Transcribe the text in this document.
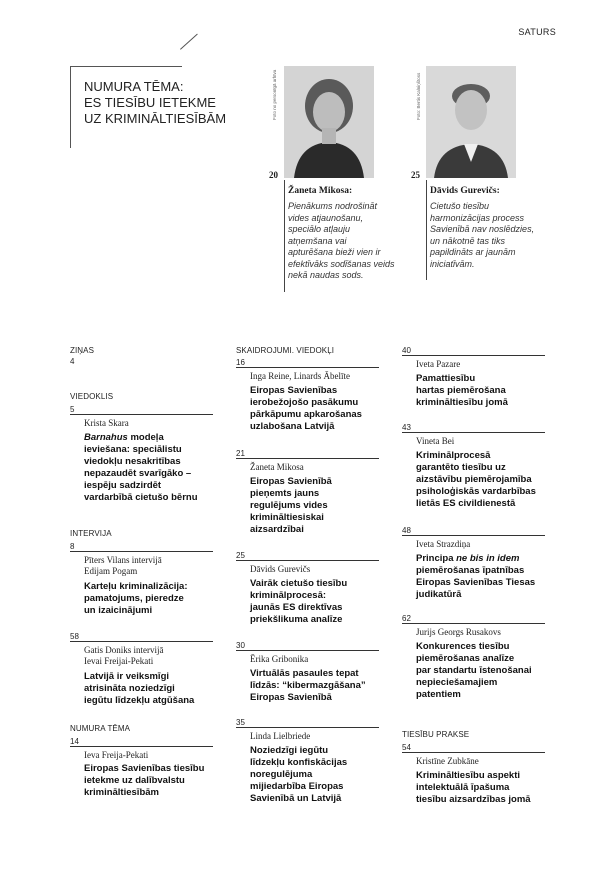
SATURS
NUMURA TĒMA:
ES TIESĪBU IETEKME
UZ KRIMINĀLTIESĪBĀM	Foto no personīgā arhīva
20
Žaneta Mikosa:
Pienākums nodrošināt
vides atjaunošanu,
speciālo atļauju
atņemšana vai
apturēšana bieži vien ir
efektīvāks sodīšanas veids
nekā naudas sods.
Foto: Bertis Kalniņštoss
25
Dāvids Gurevičs:
Cietušo tiesību
harmonizācijas process
Savienībā nav noslēdzies,
un nākotnē tas tiks
papildināts ar jaunām
iniciatīvām.
ZIŅAS
4
VIEDOKLIS
5
Krista Skara
Barnahus modeļa
ieviešana: speciālistu
viedokļu nesakritības
nepazaudēt svarīgāko –
iespēju sadzirdēt
vardarbībā cietušo bērnu
INTERVIJA
8
Pīters Vilans intervijā
Edijam Pogam
Karteļu kriminalizācija:
pamatojums, pieredze
un izaicinājumi
58
Gatis Doniks intervijā
Ievai Freijai-Pekati
Latvijā ir veiksmīgi
atrisināta noziedzīgi
iegūtu līdzekļu atgūšana
NUMURA TĒMA
14
Ieva Freija-Pekati
Eiropas Savienības tiesību
ietekme uz dalībvalstu
krimināltiesībām
SKAIDROJUMI. VIEDOKĻI
16
Inga Reine, Linards Ābelīte
Eiropas Savienības
ierobežojošo pasākumu
pārkāpumu apkarošanas
uzlabošana Latvijā
21
Žaneta Mikosa
Eiropas Savienībā
pieņemts jauns
regulējums vides
krimināltiesiskai
aizsardzībai
25
Dāvids Gurevičs
Vairāk cietušo tiesību
kriminālprocesā:
jaunās ES direktīvas
priekšlikuma analīze
30
Ērika Gribonika
Virtuālās pasaules tepat
līdzās: “kibermazgāšana”
Eiropas Savienībā
35
Linda Lielbriede
Noziedzīgi iegūtu
līdzekļu konfiskācijas
noregulējuma
mijiedarbība Eiropas
Savienībā un Latvijā
40
Iveta Pazare
Pamattiesību
hartas piemērošana
krimināltiesību jomā
43
Vineta Bei
Kriminālprocesā
garantēto tiesību uz
aizstāvību piemērojamība
psiholoģiskās vardarbības
lietās ES civildienestā
48
Iveta Strazdiņa
Principa ne bis in idem
piemērošanas īpatnības
Eiropas Savienības Tiesas
judikatūrā
62
Jurijs Georgs Rusakovs
Konkurences tiesību
piemērošanas analīze
par standartu īstenošanai
nepieciešamajiem
patentiem
TIESĪBU PRAKSE
54
Kristīne Zubkāne
Krimināltiesību aspekti
intelektuālā īpašuma
tiesību aizsardzības jomā
